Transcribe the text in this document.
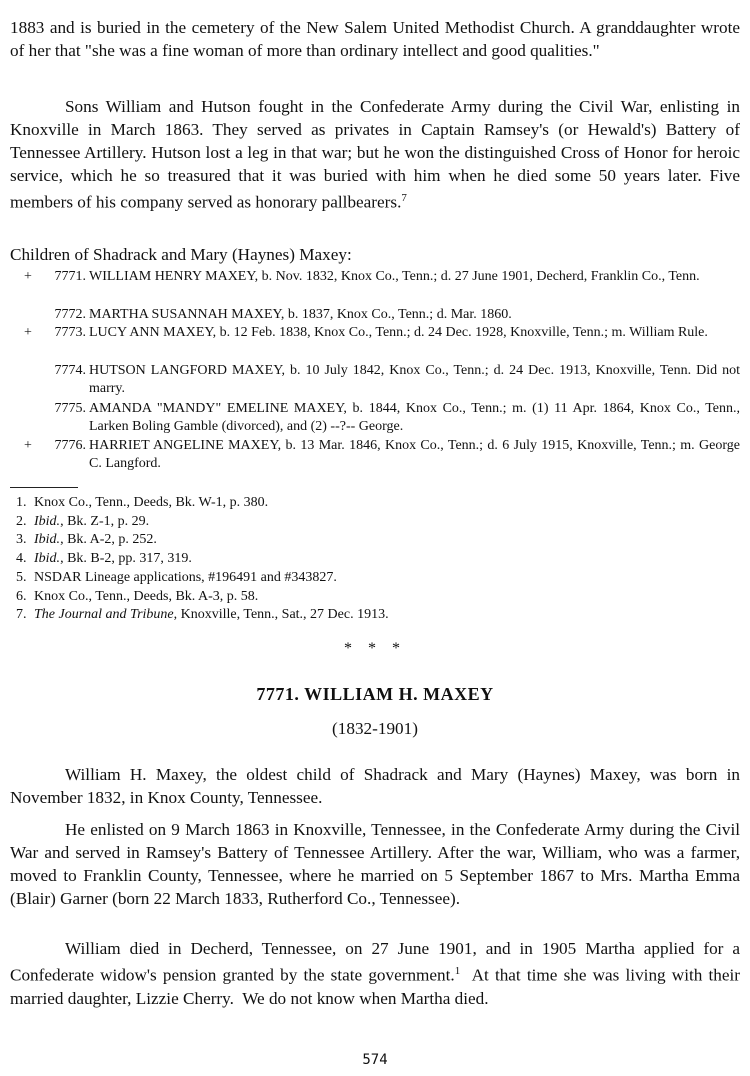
1883 and is buried in the cemetery of the New Salem United Methodist Church. A granddaughter wrote of her that "she was a fine woman of more than ordinary intellect and good qualities."

Sons William and Hutson fought in the Confederate Army during the Civil War, enlisting in Knoxville in March 1863. They served as privates in Captain Ramsey's (or Hewald's) Battery of Tennessee Artillery. Hutson lost a leg in that war; but he won the distinguished Cross of Honor for heroic service, which he so treasured that it was buried with him when he died some 50 years later. Five members of his company served as honorary pallbearers.$^7$

Children of Shadrack and Mary (Haynes) Maxey:
+	7771. WILLIAM HENRY MAXEY, b. Nov. 1832, Knox Co., Tenn.; d. 27 June 1901, Decherd, Franklin Co., Tenn.
7772. MARTHA SUSANNAH MAXEY, b. 1837, Knox Co., Tenn.; d. Mar. 1860.
+	7773. LUCY ANN MAXEY, b. 12 Feb. 1838, Knox Co., Tenn.; d. 24 Dec. 1928, Knoxville, Tenn.; m. William Rule.
7774. HUTSON LANGFORD MAXEY, b. 10 July 1842, Knox Co., Tenn.; d. 24 Dec. 1913, Knoxville, Tenn. Did not marry.
7775. AMANDA "MANDY" EMELINE MAXEY, b. 1844, Knox Co., Tenn.; m. (1) 11 Apr. 1864, Knox Co., Tenn., Larken Boling Gamble (divorced), and (2) --?-- George.
+	7776. HARRIET ANGELINE MAXEY, b. 13 Mar. 1846, Knox Co., Tenn.; d. 6 July 1915, Knoxville, Tenn.; m. George C. Langford.
1. Knox Co., Tenn., Deeds, Bk. W-1, p. 380.
2. Ibid., Bk. Z-1, p. 29.
3. Ibid., Bk. A-2, p. 252.
4. Ibid., Bk. B-2, pp. 317, 319.
5. NSDAR Lineage applications, #196491 and #343827.
6. Knox Co., Tenn., Deeds, Bk. A-3, p. 58.
7. The Journal and Tribune, Knoxville, Tenn., Sat., 27 Dec. 1913.
* * *
7771. WILLIAM H. MAXEY
(1832-1901)

William H. Maxey, the oldest child of Shadrack and Mary (Haynes) Maxey, was born in November 1832, in Knox County, Tennessee.

He enlisted on 9 March 1863 in Knoxville, Tennessee, in the Confederate Army during the Civil War and served in Ramsey's Battery of Tennessee Artillery. After the war, William, who was a farmer, moved to Franklin County, Tennessee, where he married on 5 September 1867 to Mrs. Martha Emma (Blair) Garner (born 22 March 1833, Rutherford Co., Tennessee).

William died in Decherd, Tennessee, on 27 June 1901, and in 1905 Martha applied for a Confederate widow's pension granted by the state government.$^1$  At that time she was living with their married daughter, Lizzie Cherry.  We do not know when Martha died.

574
